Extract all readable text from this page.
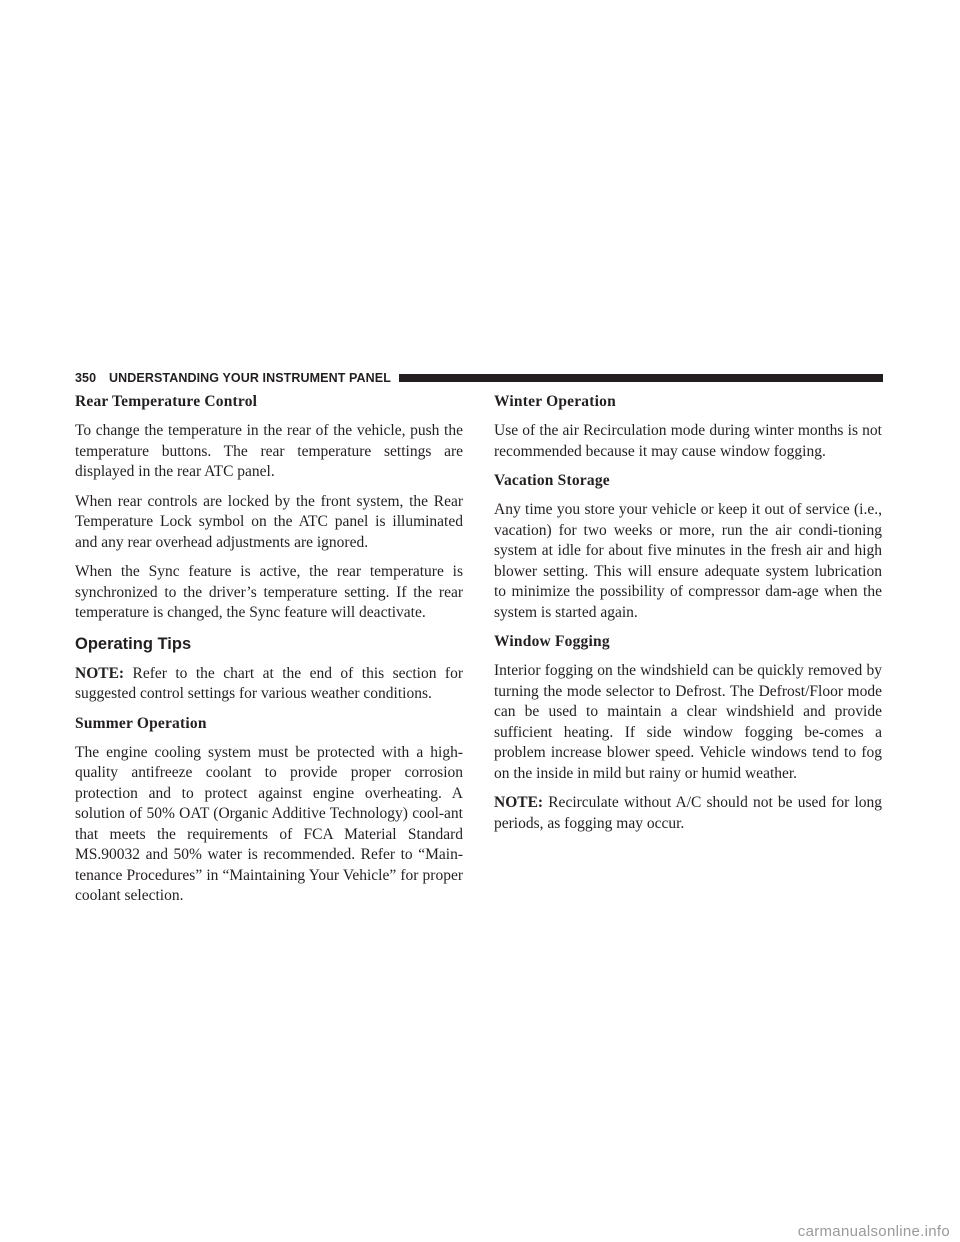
350 UNDERSTANDING YOUR INSTRUMENT PANEL
Rear Temperature Control

To change the temperature in the rear of the vehicle, push the temperature buttons. The rear temperature settings are displayed in the rear ATC panel.

When rear controls are locked by the front system, the Rear Temperature Lock symbol on the ATC panel is illuminated and any rear overhead adjustments are ignored.

When the Sync feature is active, the rear temperature is synchronized to the driver’s temperature setting. If the rear temperature is changed, the Sync feature will deactivate.

Operating Tips

NOTE: Refer to the chart at the end of this section for suggested control settings for various weather conditions.

Summer Operation

The engine cooling system must be protected with a high-quality antifreeze coolant to provide proper corrosion protection and to protect against engine overheating. A solution of 50% OAT (Organic Additive Technology) cool-ant that meets the requirements of FCA Material Standard MS.90032 and 50% water is recommended. Refer to “Main-tenance Procedures” in “Maintaining Your Vehicle” for proper coolant selection.

Winter Operation

Use of the air Recirculation mode during winter months is not recommended because it may cause window fogging.

Vacation Storage

Any time you store your vehicle or keep it out of service (i.e., vacation) for two weeks or more, run the air condi-tioning system at idle for about five minutes in the fresh air and high blower setting. This will ensure adequate system lubrication to minimize the possibility of compressor dam-age when the system is started again.

Window Fogging

Interior fogging on the windshield can be quickly removed by turning the mode selector to Defrost. The Defrost/Floor mode can be used to maintain a clear windshield and provide sufficient heating. If side window fogging be-comes a problem increase blower speed. Vehicle windows tend to fog on the inside in mild but rainy or humid weather.

NOTE: Recirculate without A/C should not be used for long periods, as fogging may occur.

carmanualsonline.info
